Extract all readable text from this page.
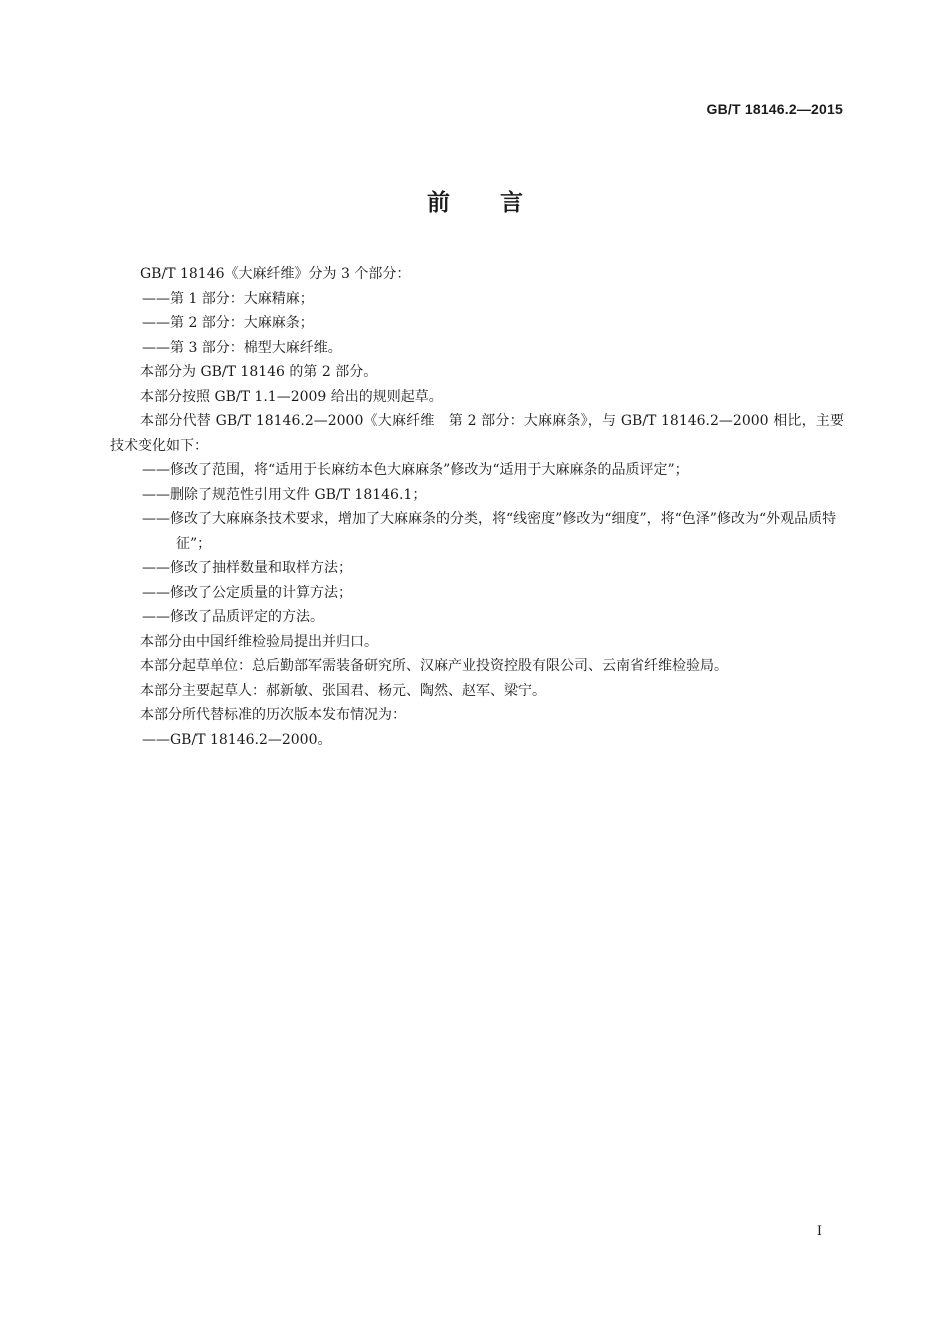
GB/T 18146.2—2015
前言

GB/T 18146《大麻纤维》分为 3 个部分：

——第 1 部分：大麻精麻；

——第 2 部分：大麻麻条；

——第 3 部分：棉型大麻纤维。

本部分为 GB/T 18146 的第 2 部分。

本部分按照 GB/T 1.1—2009 给出的规则起草。

本部分代替 GB/T 18146.2—2000《大麻纤维　第 2 部分：大麻麻条》，与 GB/T 18146.2—2000 相比，主要技术变化如下：

——修改了范围，将“适用于长麻纺本色大麻麻条”修改为“适用于大麻麻条的品质评定”；

——删除了规范性引用文件 GB/T 18146.1；

——修改了大麻麻条技术要求，增加了大麻麻条的分类，将“线密度”修改为“细度”，将“色泽”修改为“外观品质特征”；

——修改了抽样数量和取样方法；

——修改了公定质量的计算方法；

——修改了品质评定的方法。

本部分由中国纤维检验局提出并归口。

本部分起草单位：总后勤部军需装备研究所、汉麻产业投资控股有限公司、云南省纤维检验局。

本部分主要起草人：郝新敏、张国君、杨元、陶然、赵军、梁宁。

本部分所代替标准的历次版本发布情况为：

——GB/T 18146.2—2000。

I
